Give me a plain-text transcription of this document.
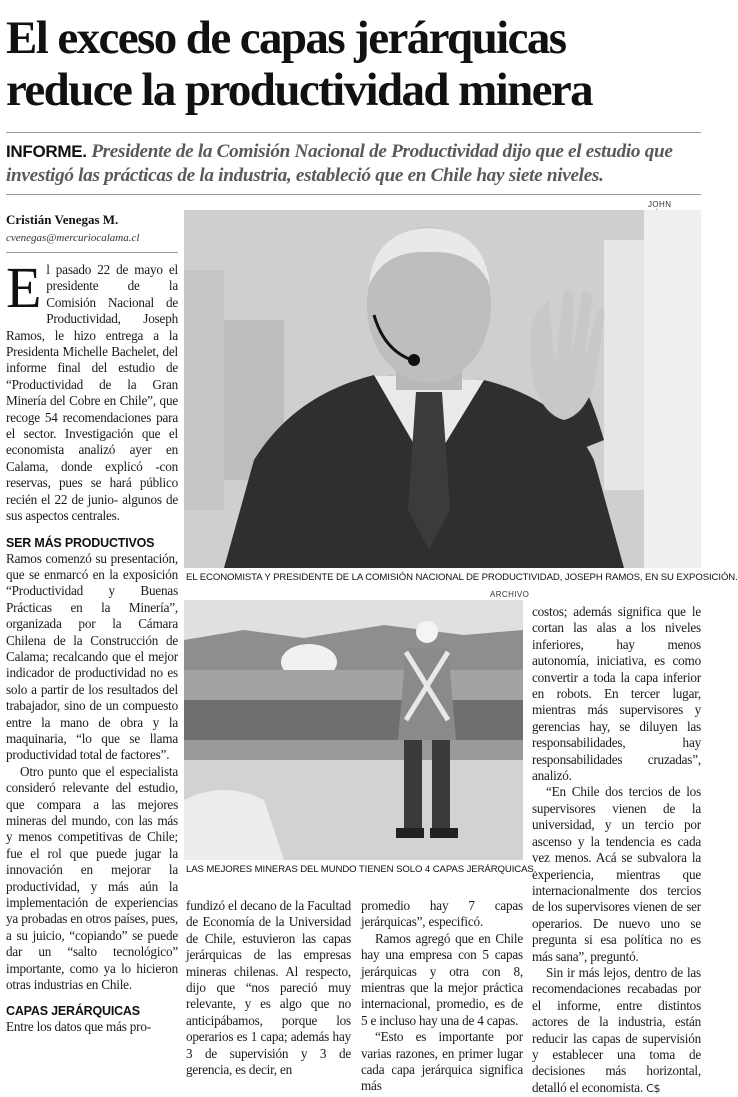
El exceso de capas jerárquicas
reduce la productividad minera
INFORME. Presidente de la Comisión Nacional de Productividad dijo que el estudio que investigó las prácticas de la industria, estableció que en Chile hay siete niveles.
Cristián Venegas M.
cvenegas@mercuriocalama.cl
JOHN
EL ECONOMISTA Y PRESIDENTE DE LA COMISIÓN NACIONAL DE PRODUCTIVIDAD, JOSEPH RAMOS, EN SU EXPOSICIÓN.
ARCHIVO
LAS MEJORES MINERAS DEL MUNDO TIENEN SOLO 4 CAPAS JERÁRQUICAS.

El pasado 22 de mayo el presidente de la Comisión Nacional de Productividad, Joseph Ramos, le hizo entrega a la Presidenta Michelle Bachelet, del informe final del estudio de “Productividad de la Gran Minería del Cobre en Chile”, que recoge 54 recomendaciones para el sector. Investigación que el economista analizó ayer en Calama, donde explicó -con reservas, pues se hará público recién el 22 de junio- algunos de sus aspectos centrales.

SER MÁS PRODUCTIVOS

Ramos comenzó su presentación, que se enmarcó en la exposición “Productividad y Buenas Prácticas en la Minería”, organizada por la Cámara Chilena de la Construcción de Calama; recalcando que el mejor indicador de productividad no es solo a partir de los resultados del trabajador, sino de un compuesto entre la mano de obra y la maquinaria, “lo que se llama productividad total de factores”.

Otro punto que el especialista consideró relevante del estudio, que compara a las mejores mineras del mundo, con las más y menos competitivas de Chile; fue el rol que puede jugar la innovación en mejorar la productividad, y más aún la implementación de experiencias ya probadas en otros países, pues, a su juicio, “copiando” se puede dar un “salto tecnológico” importante, como ya lo hicieron otras industrias en Chile.

CAPAS JERÁRQUICAS

Entre los datos que más pro-

fundizó el decano de la Facultad de Economía de la Universidad de Chile, estuvieron las capas jerárquicas de las empresas mineras chilenas. Al respecto, dijo que “nos pareció muy relevante, y es algo que no anticipábamos, porque los operarios es 1 capa; además hay 3 de supervisión y 3 de gerencia, es decir, en

promedio hay 7 capas jerárquicas”, especificó.

Ramos agregó que en Chile hay una empresa con 5 capas jerárquicas y otra con 8, mientras que la mejor práctica internacional, promedio, es de 5 e incluso hay una de 4 capas.

“Esto es importante por varias razones, en primer lugar cada capa jerárquica significa más

costos; además significa que le cortan las alas a los niveles inferiores, hay menos autonomía, iniciativa, es como convertir a toda la capa inferior en robots. En tercer lugar, mientras más supervisores y gerencias hay, se diluyen las responsabilidades, hay responsabilidades cruzadas”, analizó.

“En Chile dos tercios de los supervisores vienen de la universidad, y un tercio por ascenso y la tendencia es cada vez menos. Acá se subvalora la experiencia, mientras que internacionalmente dos tercios de los supervisores vienen de ser operarios. De nuevo uno se pregunta si esa política no es más sana”, preguntó.

Sin ir más lejos, dentro de las recomendaciones recabadas por el informe, entre distintos actores de la industria, están reducir las capas de supervisión y establecer una toma de decisiones más horizontal, detalló el economista. C$
